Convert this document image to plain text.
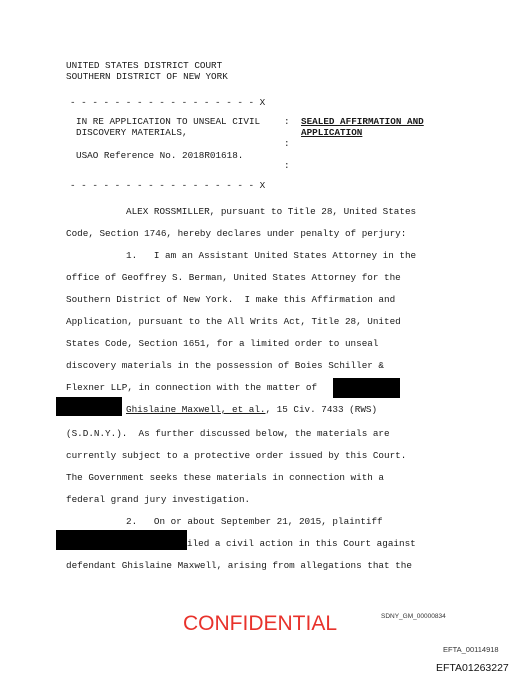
UNITED STATES DISTRICT COURT
SOUTHERN DISTRICT OF NEW YORK
- - - - - - - - - - - - - - - - - X
IN RE APPLICATION TO UNSEAL CIVIL
DISCOVERY MATERIALS,
:
:
USAO Reference No. 2018R01618.
:
- - - - - - - - - - - - - - - - - X
SEALED AFFIRMATION AND
APPLICATION
ALEX ROSSMILLER, pursuant to Title 28, United States
Code, Section 1746, hereby declares under penalty of perjury:
1.   I am an Assistant United States Attorney in the
office of Geoffrey S. Berman, United States Attorney for the
Southern District of New York.  I make this Affirmation and
Application, pursuant to the All Writs Act, Title 28, United
States Code, Section 1651, for a limited order to unseal
discovery materials in the possession of Boies Schiller &
Flexner LLP, in connection with the matter of
Ghislaine Maxwell, et al., 15 Civ. 7433 (RWS)
(S.D.N.Y.).  As further discussed below, the materials are
currently subject to a protective order issued by this Court.
The Government seeks these materials in connection with a
federal grand jury investigation.
2.   On or about September 21, 2015, plaintiff
iled a civil action in this Court against
defendant Ghislaine Maxwell, arising from allegations that the
CONFIDENTIAL	SDNY_GM_00000834
EFTA_00114918
EFTA01263227
